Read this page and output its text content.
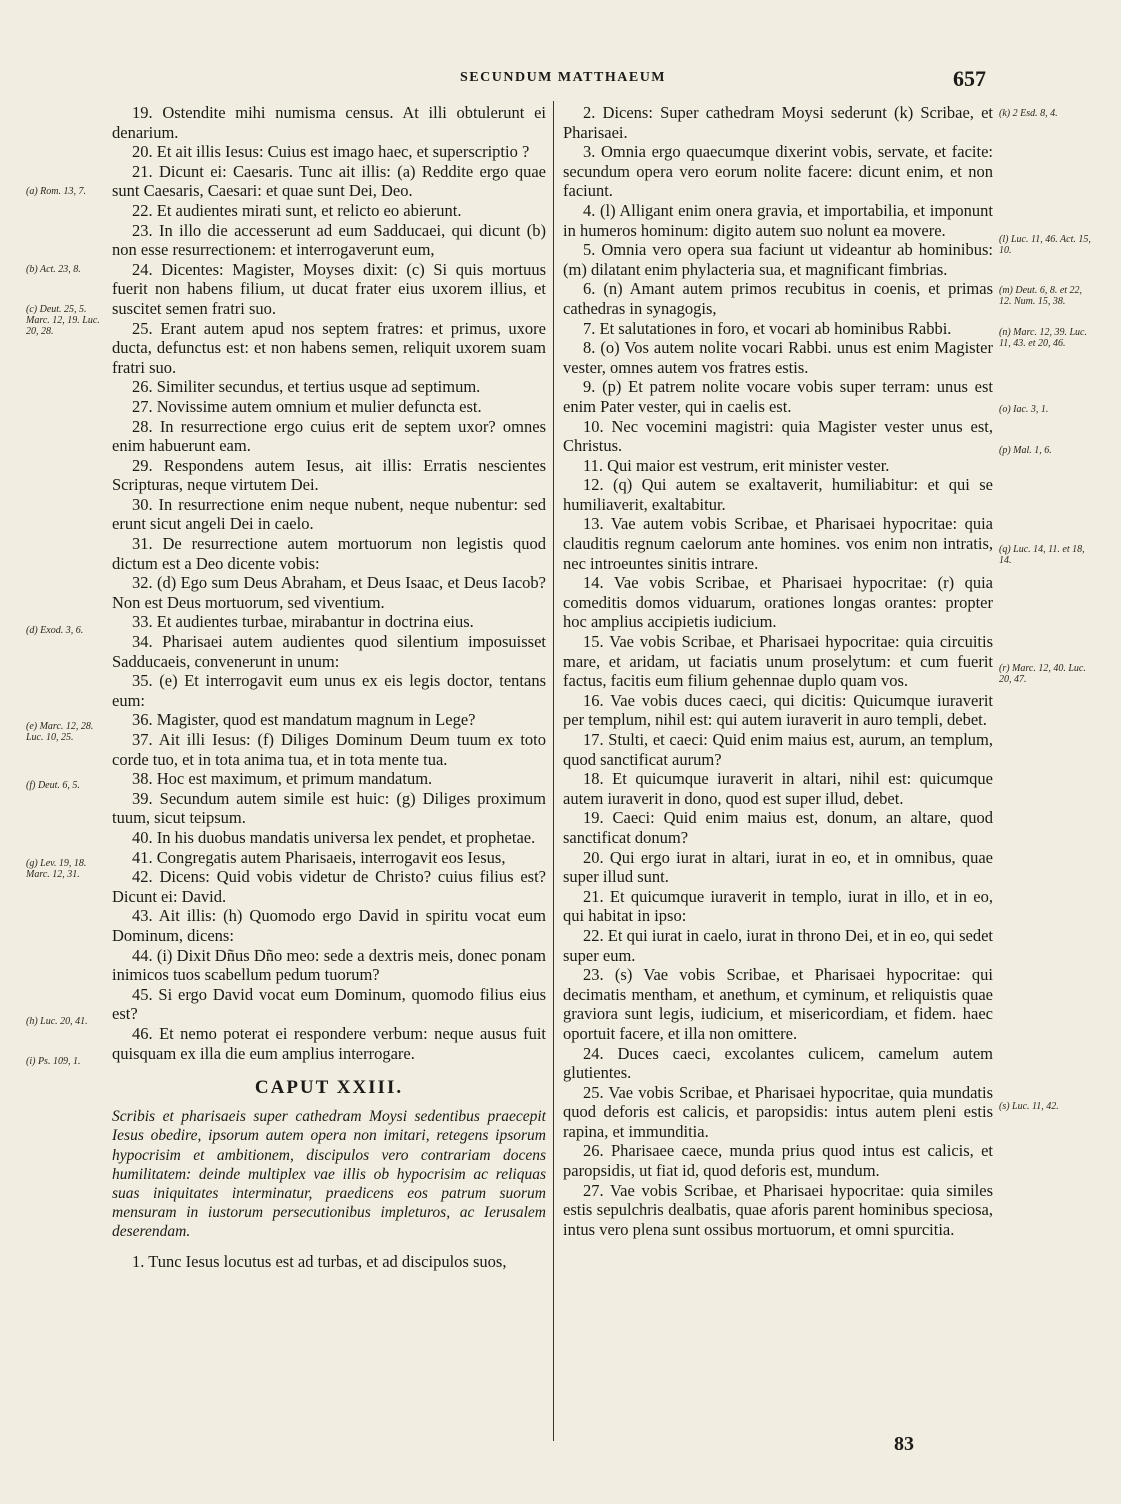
SECUNDUM MATTHAEUM	657
(a) Rom. 13, 7.
(b) Act. 23, 8.
(c) Deut. 25, 5. Marc. 12, 19. Luc. 20, 28.
(d) Exod. 3, 6.
(e) Marc. 12, 28. Luc. 10, 25.
(f) Deut. 6, 5.
(g) Lev. 19, 18. Marc. 12, 31.
(h) Luc. 20, 41.
(i) Ps. 109, 1.
(k) 2 Esd. 8, 4.
(l) Luc. 11, 46. Act. 15, 10.
(m) Deut. 6, 8. et 22, 12. Num. 15, 38.
(n) Marc. 12, 39. Luc. 11, 43. et 20, 46.
(o) Iac. 3, 1.
(p) Mal. 1, 6.
(q) Luc. 14, 11. et 18, 14.
(r) Marc. 12, 40. Luc. 20, 47.
(s) Luc. 11, 42.

19. Ostendite mihi numisma census. At illi obtulerunt ei denarium.

20. Et ait illis Iesus: Cuius est imago haec, et superscriptio ?

21. Dicunt ei: Caesaris. Tunc ait illis: (a) Reddite ergo quae sunt Caesaris, Caesari: et quae sunt Dei, Deo.

22. Et audientes mirati sunt, et relicto eo abierunt.

23. In illo die accesserunt ad eum Sadducaei, qui dicunt (b) non esse resurrectionem: et interrogaverunt eum,

24. Dicentes: Magister, Moyses dixit: (c) Si quis mortuus fuerit non habens filium, ut ducat frater eius uxorem illius, et suscitet semen fratri suo.

25. Erant autem apud nos septem fratres: et primus, uxore ducta, defunctus est: et non habens semen, reliquit uxorem suam fratri suo.

26. Similiter secundus, et tertius usque ad septimum.

27. Novissime autem omnium et mulier defuncta est.

28. In resurrectione ergo cuius erit de septem uxor? omnes enim habuerunt eam.

29. Respondens autem Iesus, ait illis: Erratis nescientes Scripturas, neque virtutem Dei.

30. In resurrectione enim neque nubent, neque nubentur: sed erunt sicut angeli Dei in caelo.

31. De resurrectione autem mortuorum non legistis quod dictum est a Deo dicente vobis:

32. (d) Ego sum Deus Abraham, et Deus Isaac, et Deus Iacob? Non est Deus mortuorum, sed viventium.

33. Et audientes turbae, mirabantur in doctrina eius.

34. Pharisaei autem audientes quod silentium imposuisset Sadducaeis, convenerunt in unum:

35. (e) Et interrogavit eum unus ex eis legis doctor, tentans eum:

36. Magister, quod est mandatum magnum in Lege?

37. Ait illi Iesus: (f) Diliges Dominum Deum tuum ex toto corde tuo, et in tota anima tua, et in tota mente tua.

38. Hoc est maximum, et primum mandatum.

39. Secundum autem simile est huic: (g) Diliges proximum tuum, sicut teipsum.

40. In his duobus mandatis universa lex pendet, et prophetae.

41. Congregatis autem Pharisaeis, interrogavit eos Iesus,

42. Dicens: Quid vobis videtur de Christo? cuius filius est? Dicunt ei: David.

43. Ait illis: (h) Quomodo ergo David in spiritu vocat eum Dominum, dicens:

44. (i) Dixit Dñus Dño meo: sede a dextris meis, donec ponam inimicos tuos scabellum pedum tuorum?

45. Si ergo David vocat eum Dominum, quomodo filius eius est?

46. Et nemo poterat ei respondere verbum: neque ausus fuit quisquam ex illa die eum amplius interrogare.

CAPUT XXIII.

Scribis et pharisaeis super cathedram Moysi sedentibus praecepit Iesus obedire, ipsorum autem opera non imitari, retegens ipsorum hypocrisim et ambitionem, discipulos vero contrariam docens humilitatem: deinde multiplex vae illis ob hypocrisim ac reliquas suas iniquitates interminatur, praedicens eos patrum suorum mensuram in iustorum persecutionibus impleturos, ac Ierusalem deserendam.

1. Tunc Iesus locutus est ad turbas, et ad discipulos suos,

2. Dicens: Super cathedram Moysi sederunt (k) Scribae, et Pharisaei.

3. Omnia ergo quaecumque dixerint vobis, servate, et facite: secundum opera vero eorum nolite facere: dicunt enim, et non faciunt.

4. (l) Alligant enim onera gravia, et importabilia, et imponunt in humeros hominum: digito autem suo nolunt ea movere.

5. Omnia vero opera sua faciunt ut videantur ab hominibus: (m) dilatant enim phylacteria sua, et magnificant fimbrias.

6. (n) Amant autem primos recubitus in coenis, et primas cathedras in synagogis,

7. Et salutationes in foro, et vocari ab hominibus Rabbi.

8. (o) Vos autem nolite vocari Rabbi. unus est enim Magister vester, omnes autem vos fratres estis.

9. (p) Et patrem nolite vocare vobis super terram: unus est enim Pater vester, qui in caelis est.

10. Nec vocemini magistri: quia Magister vester unus est, Christus.

11. Qui maior est vestrum, erit minister vester.

12. (q) Qui autem se exaltaverit, humiliabitur: et qui se humiliaverit, exaltabitur.

13. Vae autem vobis Scribae, et Pharisaei hypocritae: quia clauditis regnum caelorum ante homines. vos enim non intratis, nec introeuntes sinitis intrare.

14. Vae vobis Scribae, et Pharisaei hypocritae: (r) quia comeditis domos viduarum, orationes longas orantes: propter hoc amplius accipietis iudicium.

15. Vae vobis Scribae, et Pharisaei hypocritae: quia circuitis mare, et aridam, ut faciatis unum proselytum: et cum fuerit factus, facitis eum filium gehennae duplo quam vos.

16. Vae vobis duces caeci, qui dicitis: Quicumque iuraverit per templum, nihil est: qui autem iuraverit in auro templi, debet.

17. Stulti, et caeci: Quid enim maius est, aurum, an templum, quod sanctificat aurum?

18. Et quicumque iuraverit in altari, nihil est: quicumque autem iuraverit in dono, quod est super illud, debet.

19. Caeci: Quid enim maius est, donum, an altare, quod sanctificat donum?

20. Qui ergo iurat in altari, iurat in eo, et in omnibus, quae super illud sunt.

21. Et quicumque iuraverit in templo, iurat in illo, et in eo, qui habitat in ipso:

22. Et qui iurat in caelo, iurat in throno Dei, et in eo, qui sedet super eum.

23. (s) Vae vobis Scribae, et Pharisaei hypocritae: qui decimatis mentham, et anethum, et cyminum, et reliquistis quae graviora sunt legis, iudicium, et misericordiam, et fidem. haec oportuit facere, et illa non omittere.

24. Duces caeci, excolantes culicem, camelum autem glutientes.

25. Vae vobis Scribae, et Pharisaei hypocritae, quia mundatis quod deforis est calicis, et paropsidis: intus autem pleni estis rapina, et immunditia.

26. Pharisaee caece, munda prius quod intus est calicis, et paropsidis, ut fiat id, quod deforis est, mundum.

27. Vae vobis Scribae, et Pharisaei hypocritae: quia similes estis sepulchris dealbatis, quae aforis parent hominibus speciosa, intus vero plena sunt ossibus mortuorum, et omni spurcitia.

83
